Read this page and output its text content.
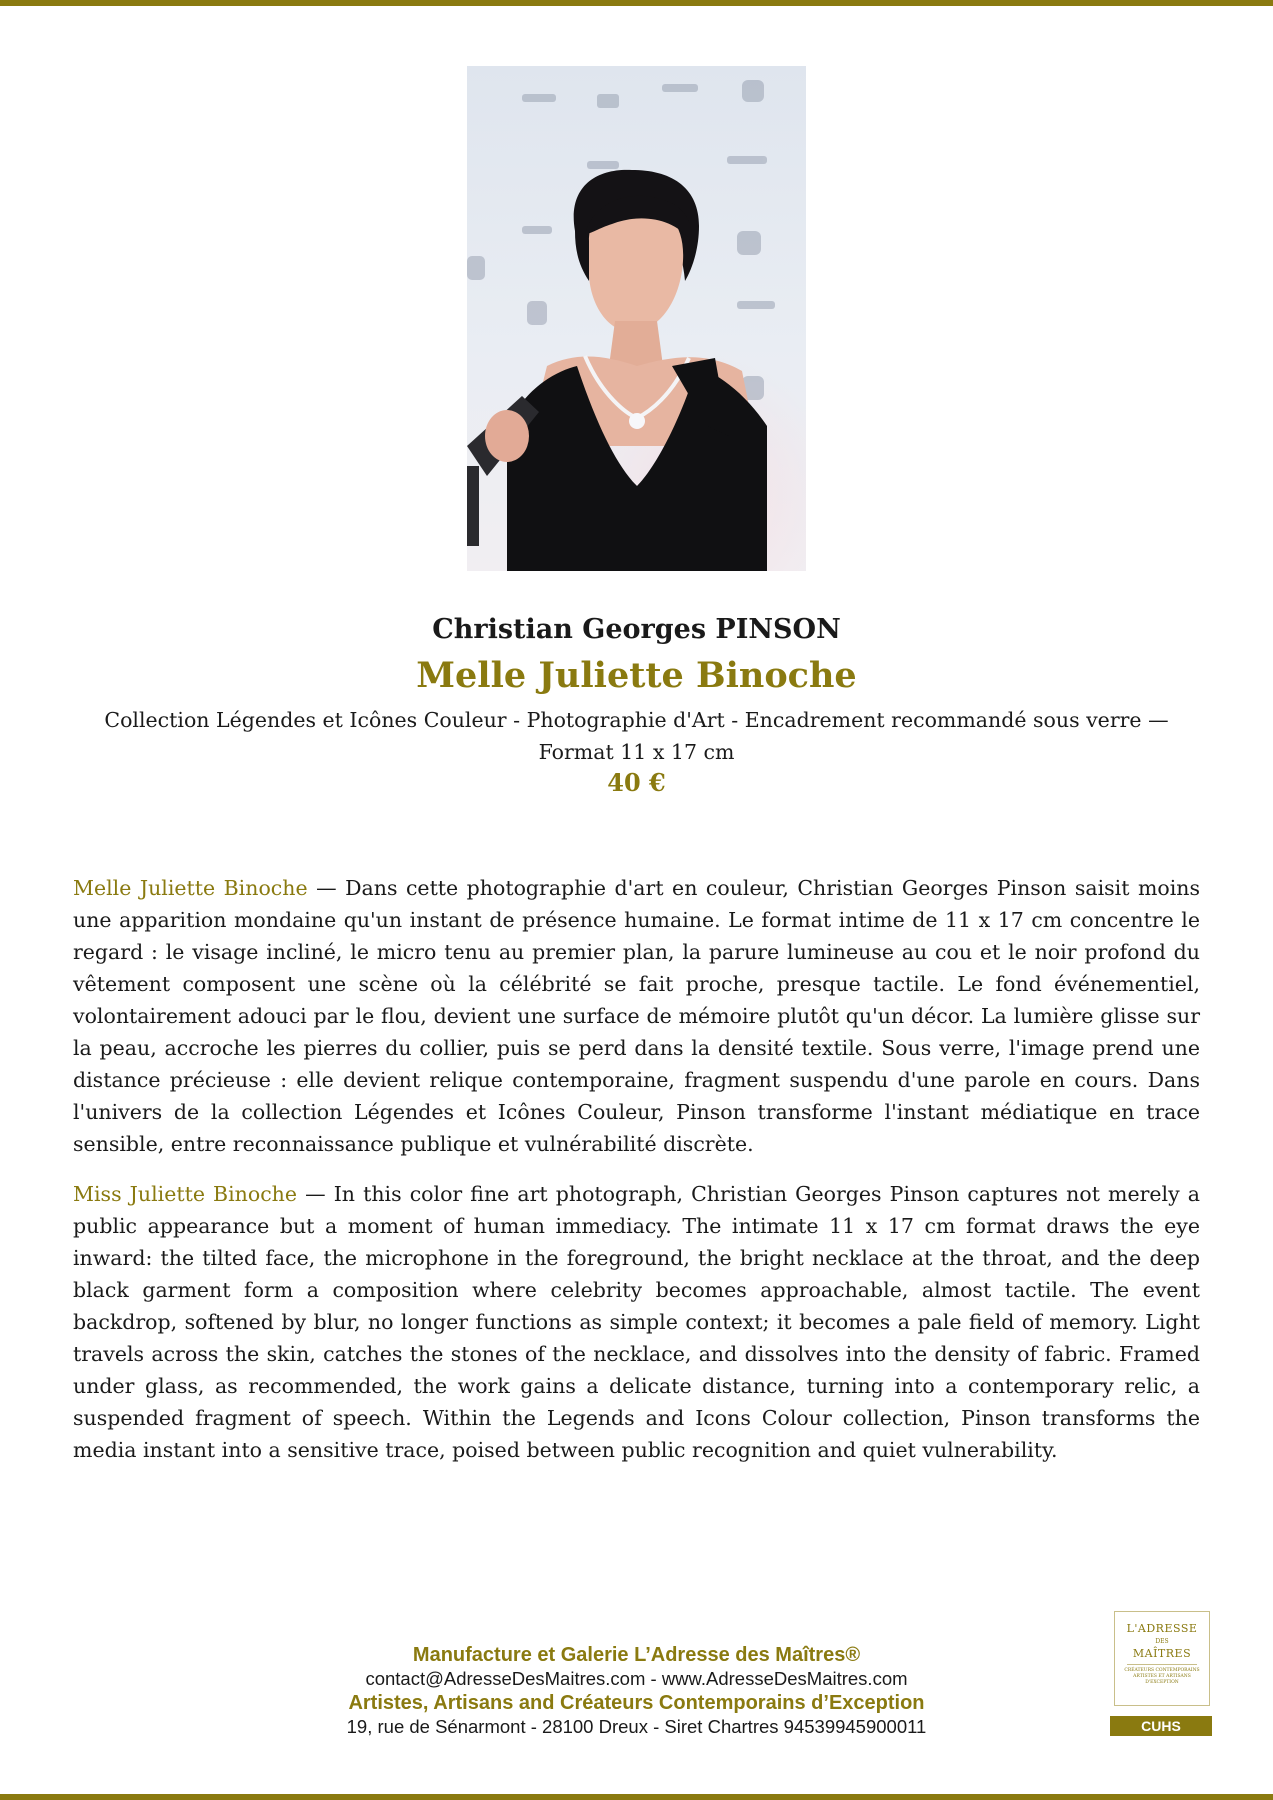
Christian Georges PINSON
Melle Juliette Binoche
Collection Légendes et Icônes Couleur - Photographie d'Art - Encadrement recommandé sous verre — Format 11 x 17 cm
40 €

Melle Juliette Binoche — Dans cette photographie d'art en couleur, Christian Georges Pinson saisit moins une apparition mondaine qu'un instant de présence humaine. Le format intime de 11 x 17 cm concentre le regard : le visage incliné, le micro tenu au premier plan, la parure lumineuse au cou et le noir profond du vêtement composent une scène où la célébrité se fait proche, presque tactile. Le fond événementiel, volontairement adouci par le flou, devient une surface de mémoire plutôt qu'un décor. La lumière glisse sur la peau, accroche les pierres du collier, puis se perd dans la densité textile. Sous verre, l'image prend une distance précieuse : elle devient relique contemporaine, fragment suspendu d'une parole en cours. Dans l'univers de la collection Légendes et Icônes Couleur, Pinson transforme l'instant médiatique en trace sensible, entre reconnaissance publique et vulnérabilité discrète.

Miss Juliette Binoche — In this color fine art photograph, Christian Georges Pinson captures not merely a public appearance but a moment of human immediacy. The intimate 11 x 17 cm format draws the eye inward: the tilted face, the microphone in the foreground, the bright necklace at the throat, and the deep black garment form a composition where celebrity becomes approachable, almost tactile. The event backdrop, softened by blur, no longer functions as simple context; it becomes a pale field of memory. Light travels across the skin, catches the stones of the necklace, and dissolves into the density of fabric. Framed under glass, as recommended, the work gains a delicate distance, turning into a contemporary relic, a suspended fragment of speech. Within the Legends and Icons Colour collection, Pinson transforms the media instant into a sensitive trace, poised between public recognition and quiet vulnerability.

Manufacture et Galerie L’Adresse des Maîtres®
contact@AdresseDesMaitres.com - www.AdresseDesMaitres.com
Artistes, Artisans and Créateurs Contemporains d’Exception
19, rue de Sénarmont - 28100 Dreux - Siret Chartres 94539945900011
L'ADRESSE
DES
MAÎTRES
CRÉATEURS CONTEMPORAINS ARTISTES ET ARTISANS D'EXCEPTION
CUHS
